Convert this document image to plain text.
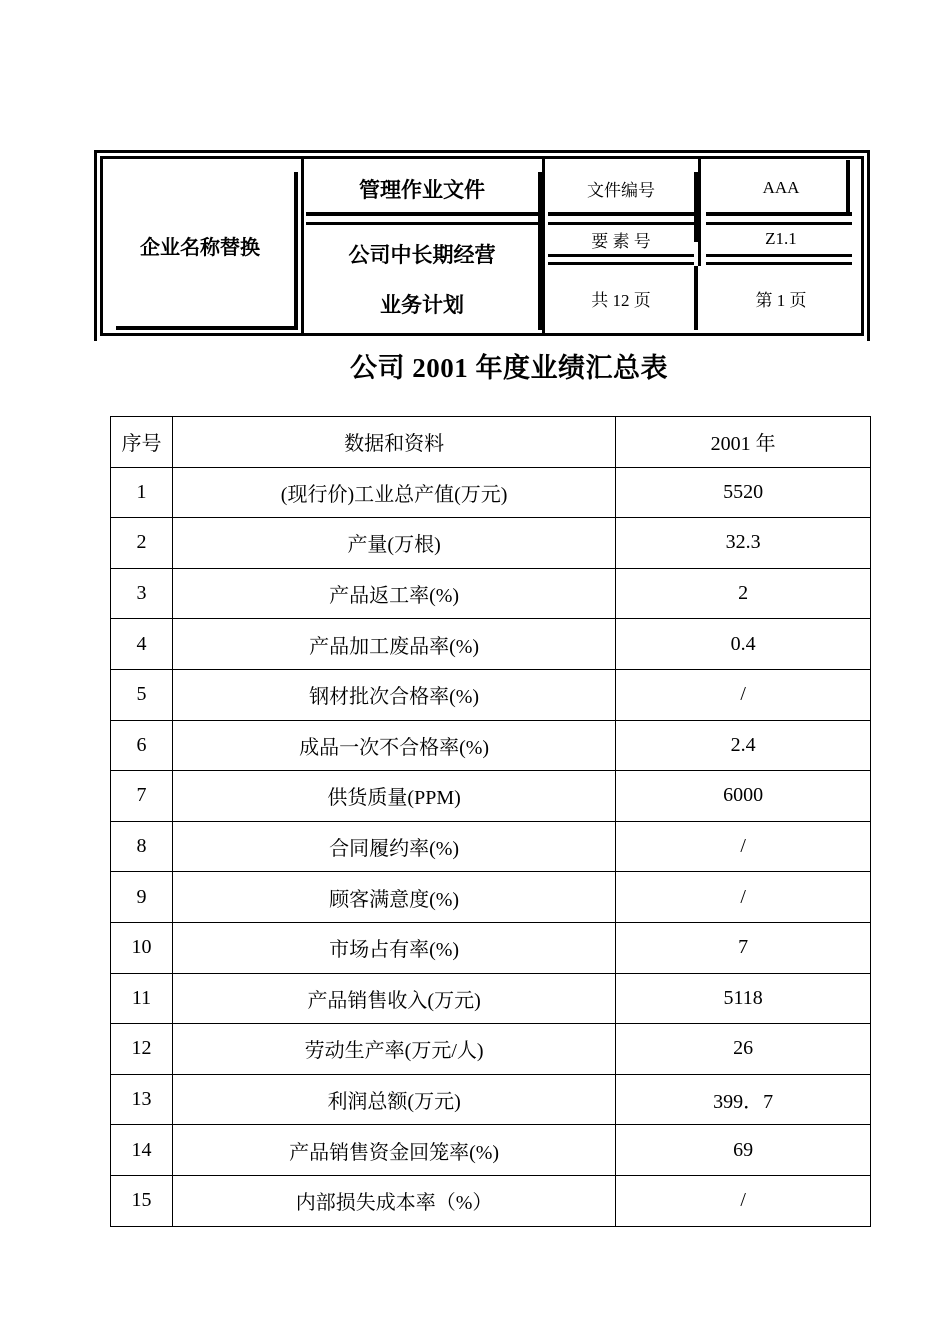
企业名称替换
管理作业文件
公司中长期经营
业务计划
文件编号	AAA
要 素 号	Z1.1
共 12 页	第 1 页
公司 2001 年度业绩汇总表
序号	数据和资料	2001 年
1	(现行价)工业总产值(万元)	5520
2	产量(万根)	32.3
3	产品返工率(%)	2
4	产品加工废品率(%)	0.4
5	钢材批次合格率(%)	/
6	成品一次不合格率(%)	2.4
7	供货质量(PPM)	6000
8	合同履约率(%)	/
9	顾客满意度(%)	/
10	市场占有率(%)	7
11	产品销售收入(万元)	5118
12	劳动生产率(万元/人)	26
13	利润总额(万元)	399．7
14	产品销售资金回笼率(%)	69
15	内部损失成本率（%）	/
